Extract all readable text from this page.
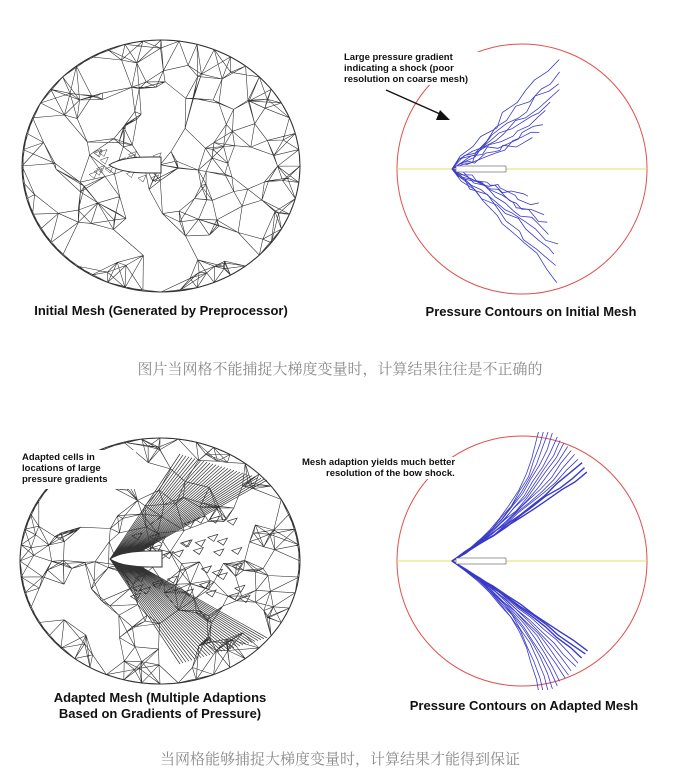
Initial Mesh (Generated by Preprocessor)
Large pressure gradient
indicating a shock (poor
resolution on coarse mesh)
Pressure Contours on Initial Mesh
图片当网格不能捕捉大梯度变量时，计算结果往往是不正确的
Adapted cells in
locations of large
pressure gradients
Adapted Mesh (Multiple Adaptions
Based on Gradients of Pressure)
Mesh adaption yields much better
resolution of the bow shock.
Pressure Contours on Adapted Mesh
当网格能够捕捉大梯度变量时，计算结果才能得到保证
